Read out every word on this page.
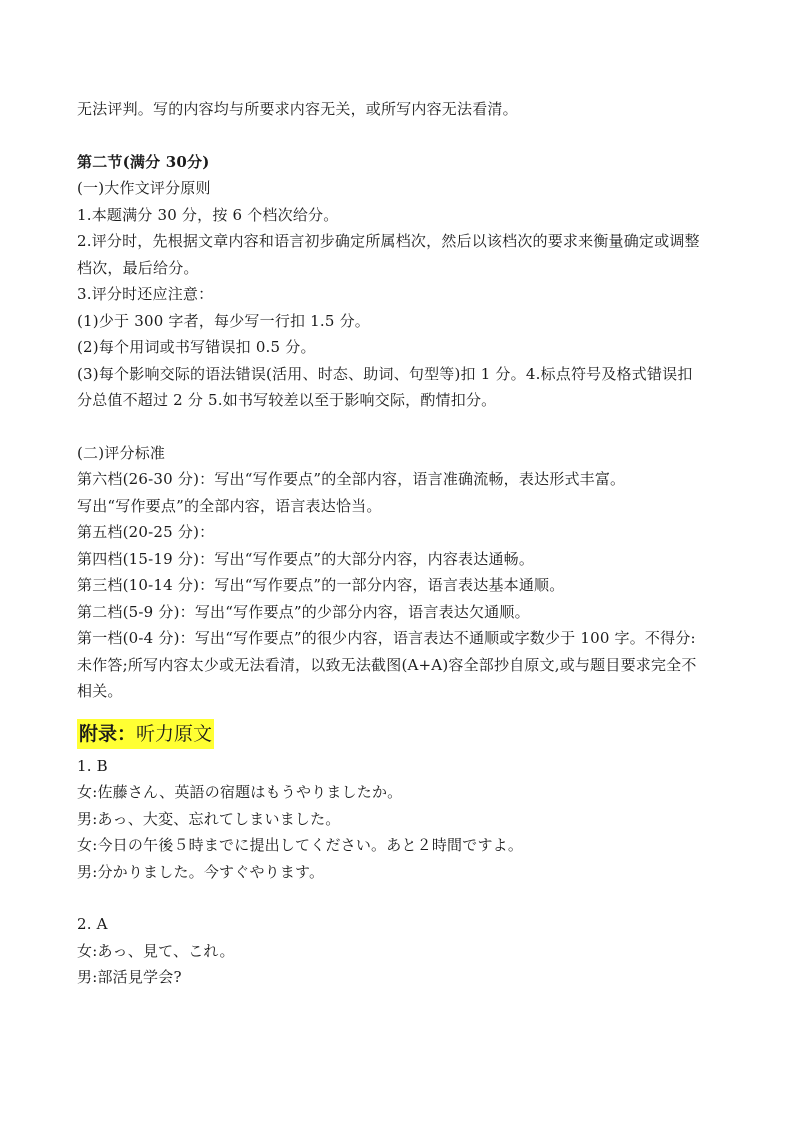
无法评判。写的内容均与所要求内容无关，或所写内容无法看清。
第二节(满分 30分)
(一)大作文评分原则
1.本题满分 30 分，按 6 个档次给分。
2.评分时，先根据文章内容和语言初步确定所属档次，然后以该档次的要求来衡量确定或调整
档次，最后给分。
3.评分时还应注意：
(1)少于 300 字者，每少写一行扣 1.5 分。
(2)每个用词或书写错误扣 0.5 分。
(3)每个影响交际的语法错误(活用、时态、助词、句型等)扣 1 分。4.标点符号及格式错误扣
分总值不超过 2 分 5.如书写较差以至于影响交际，酌情扣分。
(二)评分标准
第六档(26-30 分)：写出“写作要点”的全部内容，语言准确流畅，表达形式丰富。
写出“写作要点”的全部内容，语言表达恰当。
第五档(20-25 分)：
第四档(15-19 分)：写出“写作要点”的大部分内容，内容表达通畅。
第三档(10-14 分)：写出“写作要点”的一部分内容，语言表达基本通顺。
第二档(5-9 分)：写出“写作要点”的少部分内容，语言表达欠通顺。
第一档(0-4 分)：写出“写作要点”的很少内容，语言表达不通顺或字数少于 100 字。不得分:
未作答;所写内容太少或无法看清，以致无法截图(A+A)容全部抄自原文,或与题目要求完全不
相关。
附录：听力原文
1. B
女:佐藤さん、英語の宿題はもうやりましたか。
男:あっ、大変、忘れてしまいました。
女:今日の午後５時までに提出してください。あと２時間ですよ。
男:分かりました。今すぐやります。
2. A
女:あっ、見て、これ。
男:部活見学会?
